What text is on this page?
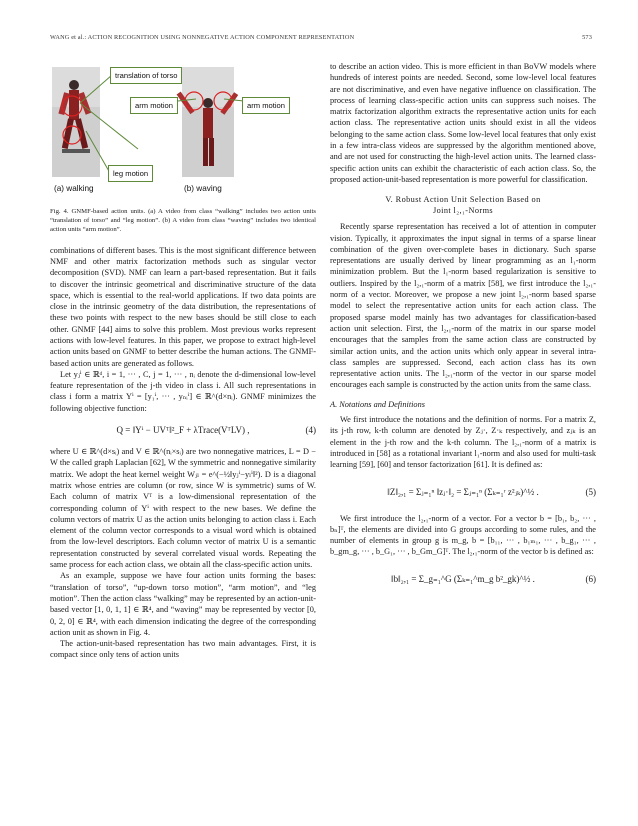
WANG et al.: ACTION RECOGNITION USING NONNEGATIVE ACTION COMPONENT REPRESENTATION	573
translation of torso
arm motion	arm motion
leg motion
(a) walking	(b) waving

Fig. 4. GNMF-based action units. (a) A video from class “walking” includes two action units “translation of torso” and “leg motion”. (b) A video from class “waving” includes two identical action units “arm motion”.

combinations of different bases. This is the most significant difference between NMF and other matrix factorization methods such as singular vector decomposition (SVD). NMF can learn a part-based representation. But it fails to discover the intrinsic geometrical and discriminative structure of the data space, which is essential to the real-world applications. If two data points are close in the intrinsic geometry of the data distribution, the representations of these two points with respect to the new bases should be still close to each other. GNMF [44] aims to solve this problem. Most previous works represent actions with low-level features. In this paper, we propose to extract high-level action units based on GNMF to better describe the human actions. The GNMF-based action units are generated as follows.

Let yⱼⁱ ∈ ℝᵈ, i = 1, ··· , C, j = 1, ··· , nᵢ denote the d-dimensional low-level feature representation of the j-th video in class i. All such representations in class i form a matrix Yⁱ = [y₁ⁱ, ··· , yₙᵢⁱ] ∈ ℝ^(d×nᵢ). GNMF minimizes the following objective function:

Q = ‖Yⁱ − UVᵀ‖²_F + λTrace(VᵀLV) ,	(4)

where U ∈ ℝ^(d×sᵢ) and V ∈ ℝ^(nᵢ×sᵢ) are two nonnegative matrices, L = D − W the called graph Laplacian [62], W the symmetric and nonnegative similarity matrix. We adopt the heat kernel weight Wⱼₗ = e^(−½‖yⱼⁱ−yₗⁱ‖²). D is a diagonal matrix whose entries are column (or row, since W is symmetric) sums of W. Each column of matrix Vᵀ is a low-dimensional representation of the corresponding column of Yⁱ with respect to the new bases. We define the column vectors of matrix U as the action units belonging to action class i. Each element of the column vector corresponds to a visual word which is obtained from the low-level descriptors. Each column vector of matrix U is a semantic representation constructed by several correlated visual words. Repeating the same process for each action class, we obtain all the class-specific action units.

As an example, suppose we have four action units forming the bases: “translation of torso”, “up-down torso motion”, “arm motion”, and “leg motion”. Then the action class “walking” may be represented by an action-unit-based vector [1, 0, 1, 1] ∈ ℝ⁴, and “waving” may be represented by vector [0, 0, 2, 0] ∈ ℝ⁴, with each dimension indicating the degree of the corresponding action unit as shown in Fig. 4.

The action-unit-based representation has two main advantages. First, it is compact since only tens of action units

to describe an action video. This is more efficient in than BoVW models where hundreds of interest points are needed. Second, some low-level local features are not discriminative, and even have negative influence on classification. The process of learning class-specific action units can suppress such noises. The matrix factorization algorithm extracts the representative action units for each action class. The representative action units should exist in all the videos belonging to the same action class. Some low-level local features that only exist in a few intra-class videos are suppressed by the algorithm mentioned above, and are not used for constructing the high-level action units. The learned class-specific action units can exhibit the characteristic of each action class. So, the proposed action-unit-based representation is more powerful for classification.

V. Robust Action Unit Selection Based on
Joint l₂,₁-Norms

Recently sparse representation has received a lot of attention in computer vision. Typically, it approximates the input signal in terms of a sparse linear combination of the given over-complete bases in dictionary. Such sparse representations are usually derived by linear programming as an l₁-norm minimization problem. But the l₁-norm based regularization is sensitive to outliers. Inspired by the l₂,₁-norm of a matrix [58], we first introduce the l₂,₁-norm of a vector. Moreover, we propose a new joint l₂,₁-norm based sparse model to select the representative action units for each action class. The proposed sparse model mainly has two advantages for classification-based action unit selection. First, the l₂,₁-norm of the matrix in our sparse model encourages that the samples from the same action class are constructed by similar action units, and the action units which only appear in several intra-class samples are suppressed. Second, each action class has its own representative action units. The l₂,₁-norm of the vector in our sparse model encourages each sample is constructed by the action units from the same class.

A. Notations and Definitions

We first introduce the notations and the definition of norms. For a matrix Z, its j-th row, k-th column are denoted by Zⱼ·, Z·ₖ respectively, and zⱼₖ is an element in the j-th row and the k-th column. The l₂,₁-norm of a matrix is introduced in [58] as a rotational invariant l₁-norm and also used for multi-task learning [59], [60] and tensor factorization [61]. It is defined as:

‖Z‖₂,₁ = Σⱼ₌₁ⁿ ‖zⱼ·‖₂ = Σⱼ₌₁ⁿ (Σₖ₌₁ʳ z²ⱼₖ)^½ .	(5)

We first introduce the l₂,₁-norm of a vector. For a vector b = [b₁, b₂, ··· , bₙ]ᵀ, the elements are divided into G groups according to some rules, and the number of elements in group g is m_g, b = [b₁₁, ··· , b₁ₘ₁, ··· , b_g₁, ··· , b_gm_g, ··· , b_G₁, ··· , b_Gm_G]ᵀ. The l₂,₁-norm of the vector b is defined as:

‖b‖₂,₁ = Σ_g₌₁^G (Σₖ₌₁^m_g b²_gk)^½ .	(6)
